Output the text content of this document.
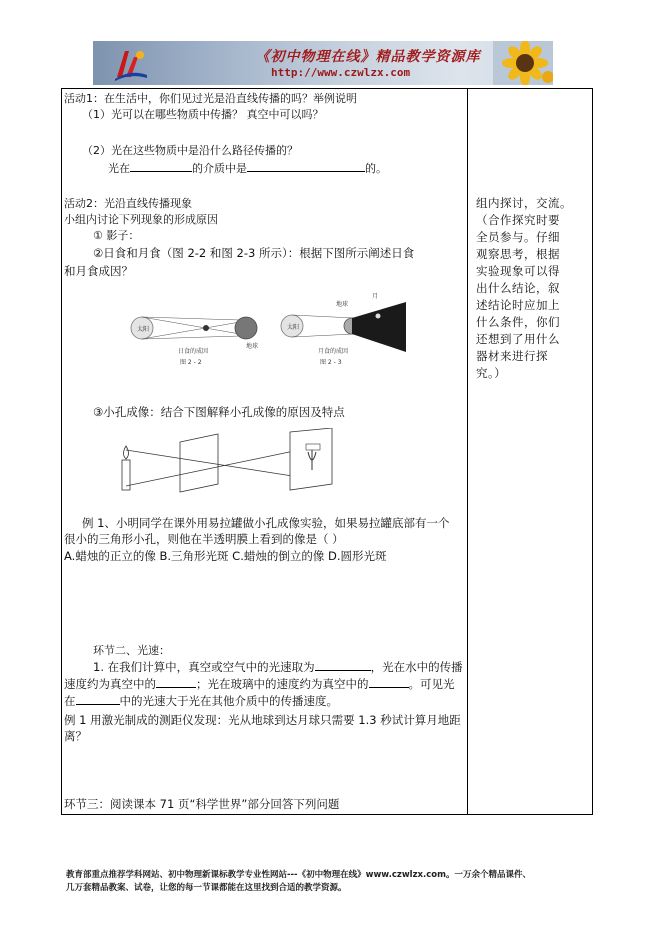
《初中物理在线》精品教学资源库
http://www.czwlzx.com
活动1：在生活中，你们见过光是沿直线传播的吗？举例说明
（1）光可以在哪些物质中传播？ 真空中可以吗？
（2）光在这些物质中是沿什么路径传播的？
光在	的介质中是	的。
活动2：光沿直线传播现象
小组内讨论下列现象的形成原因
① 影子：
②日食和月食（图 2-2 和图 2-3 所示）：根据下图所示阐述日食
和月食成因？
太阳
地球
日食的成因
图 2 - 2
太阳
地球
月
月食的成因
图 2 - 3
③小孔成像：结合下图解释小孔成像的原因及特点
例 1、小明同学在课外用易拉罐做小孔成像实验，如果易拉罐底部有一个
很小的三角形小孔，则他在半透明膜上看到的像是（ ）
A.蜡烛的正立的像 B.三角形光斑 C.蜡烛的倒立的像 D.圆形光斑
环节二、光速：
1. 在我们计算中，真空或空气中的光速取为	，光在水中的传播
速度约为真空中的	；光在玻璃中的速度约为真空中的	。可见光
在	中的光速大于光在其他介质中的传播速度。
例 1 用激光制成的测距仪发现：光从地球到达月球只需要 1.3 秒试计算月地距
离？
环节三：阅读课本 71 页“科学世界”部分回答下列问题
组内探讨，交流。
（合作探究时要
全员参与。仔细
观察思考，根据
实验现象可以得
出什么结论，叙
述结论时应加上
什么条件，你们
还想到了用什么
器材来进行探
究。）
教育部重点推荐学科网站、初中物理新课标教学专业性网站---《初中物理在线》www.czwlzx.com。一万余个精品课件、
几万套精品教案、试卷，让您的每一节课都能在这里找到合适的教学资源。
